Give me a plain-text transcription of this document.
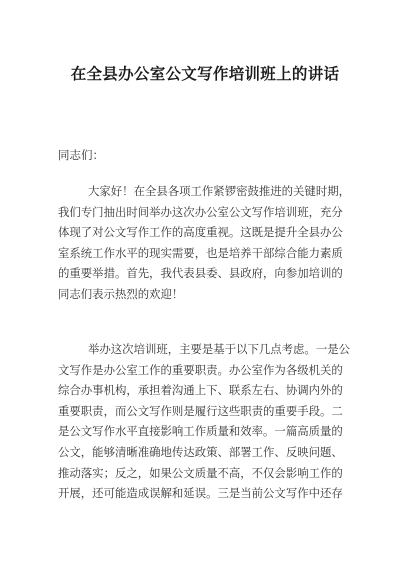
在全县办公室公文写作培训班上的讲话
同志们：
大家好！在全县各项工作紧锣密鼓推进的关键时期，
我们专门抽出时间举办这次办公室公文写作培训班，充分
体现了对公文写作工作的高度重视。这既是提升全县办公
室系统工作水平的现实需要，也是培养干部综合能力素质
的重要举措。首先，我代表县委、县政府，向参加培训的
同志们表示热烈的欢迎！
举办这次培训班，主要是基于以下几点考虑。一是公
文写作是办公室工作的重要职责。办公室作为各级机关的
综合办事机构，承担着沟通上下、联系左右、协调内外的
重要职责，而公文写作则是履行这些职责的重要手段。二
是公文写作水平直接影响工作质量和效率。一篇高质量的
公文，能够清晰准确地传达政策、部署工作、反映问题、
推动落实；反之，如果公文质量不高，不仅会影响工作的
开展，还可能造成误解和延误。三是当前公文写作中还存
